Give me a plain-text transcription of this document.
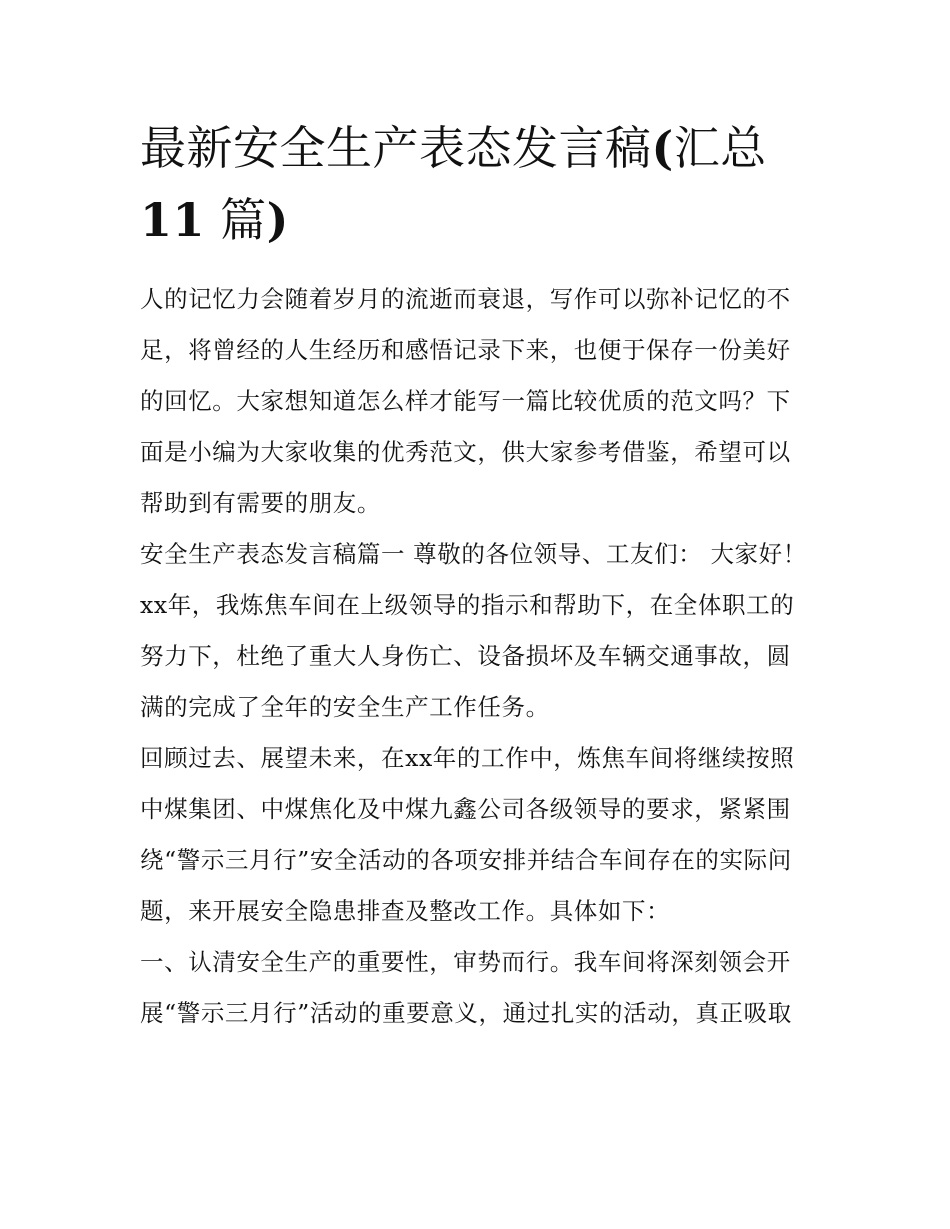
最新安全生产表态发言稿(汇总
11 篇)

人的记忆力会随着岁月的流逝而衰退，写作可以弥补记忆的不足，将曾经的人生经历和感悟记录下来，也便于保存一份美好的回忆。大家想知道怎么样才能写一篇比较优质的范文吗？下面是小编为大家收集的优秀范文，供大家参考借鉴，希望可以帮助到有需要的朋友。

安全生产表态发言稿篇一 尊敬的各位领导、工友们： 大家好！

xx年，我炼焦车间在上级领导的指示和帮助下，在全体职工的努力下，杜绝了重大人身伤亡、设备损坏及车辆交通事故，圆满的完成了全年的安全生产工作任务。

回顾过去、展望未来，在xx年的工作中，炼焦车间将继续按照中煤集团、中煤焦化及中煤九鑫公司各级领导的要求，紧紧围绕“警示三月行”安全活动的各项安排并结合车间存在的实际问题，来开展安全隐患排查及整改工作。具体如下：

一、认清安全生产的重要性，审势而行。我车间将深刻领会开展“警示三月行”活动的重要意义，通过扎实的活动，真正吸取
